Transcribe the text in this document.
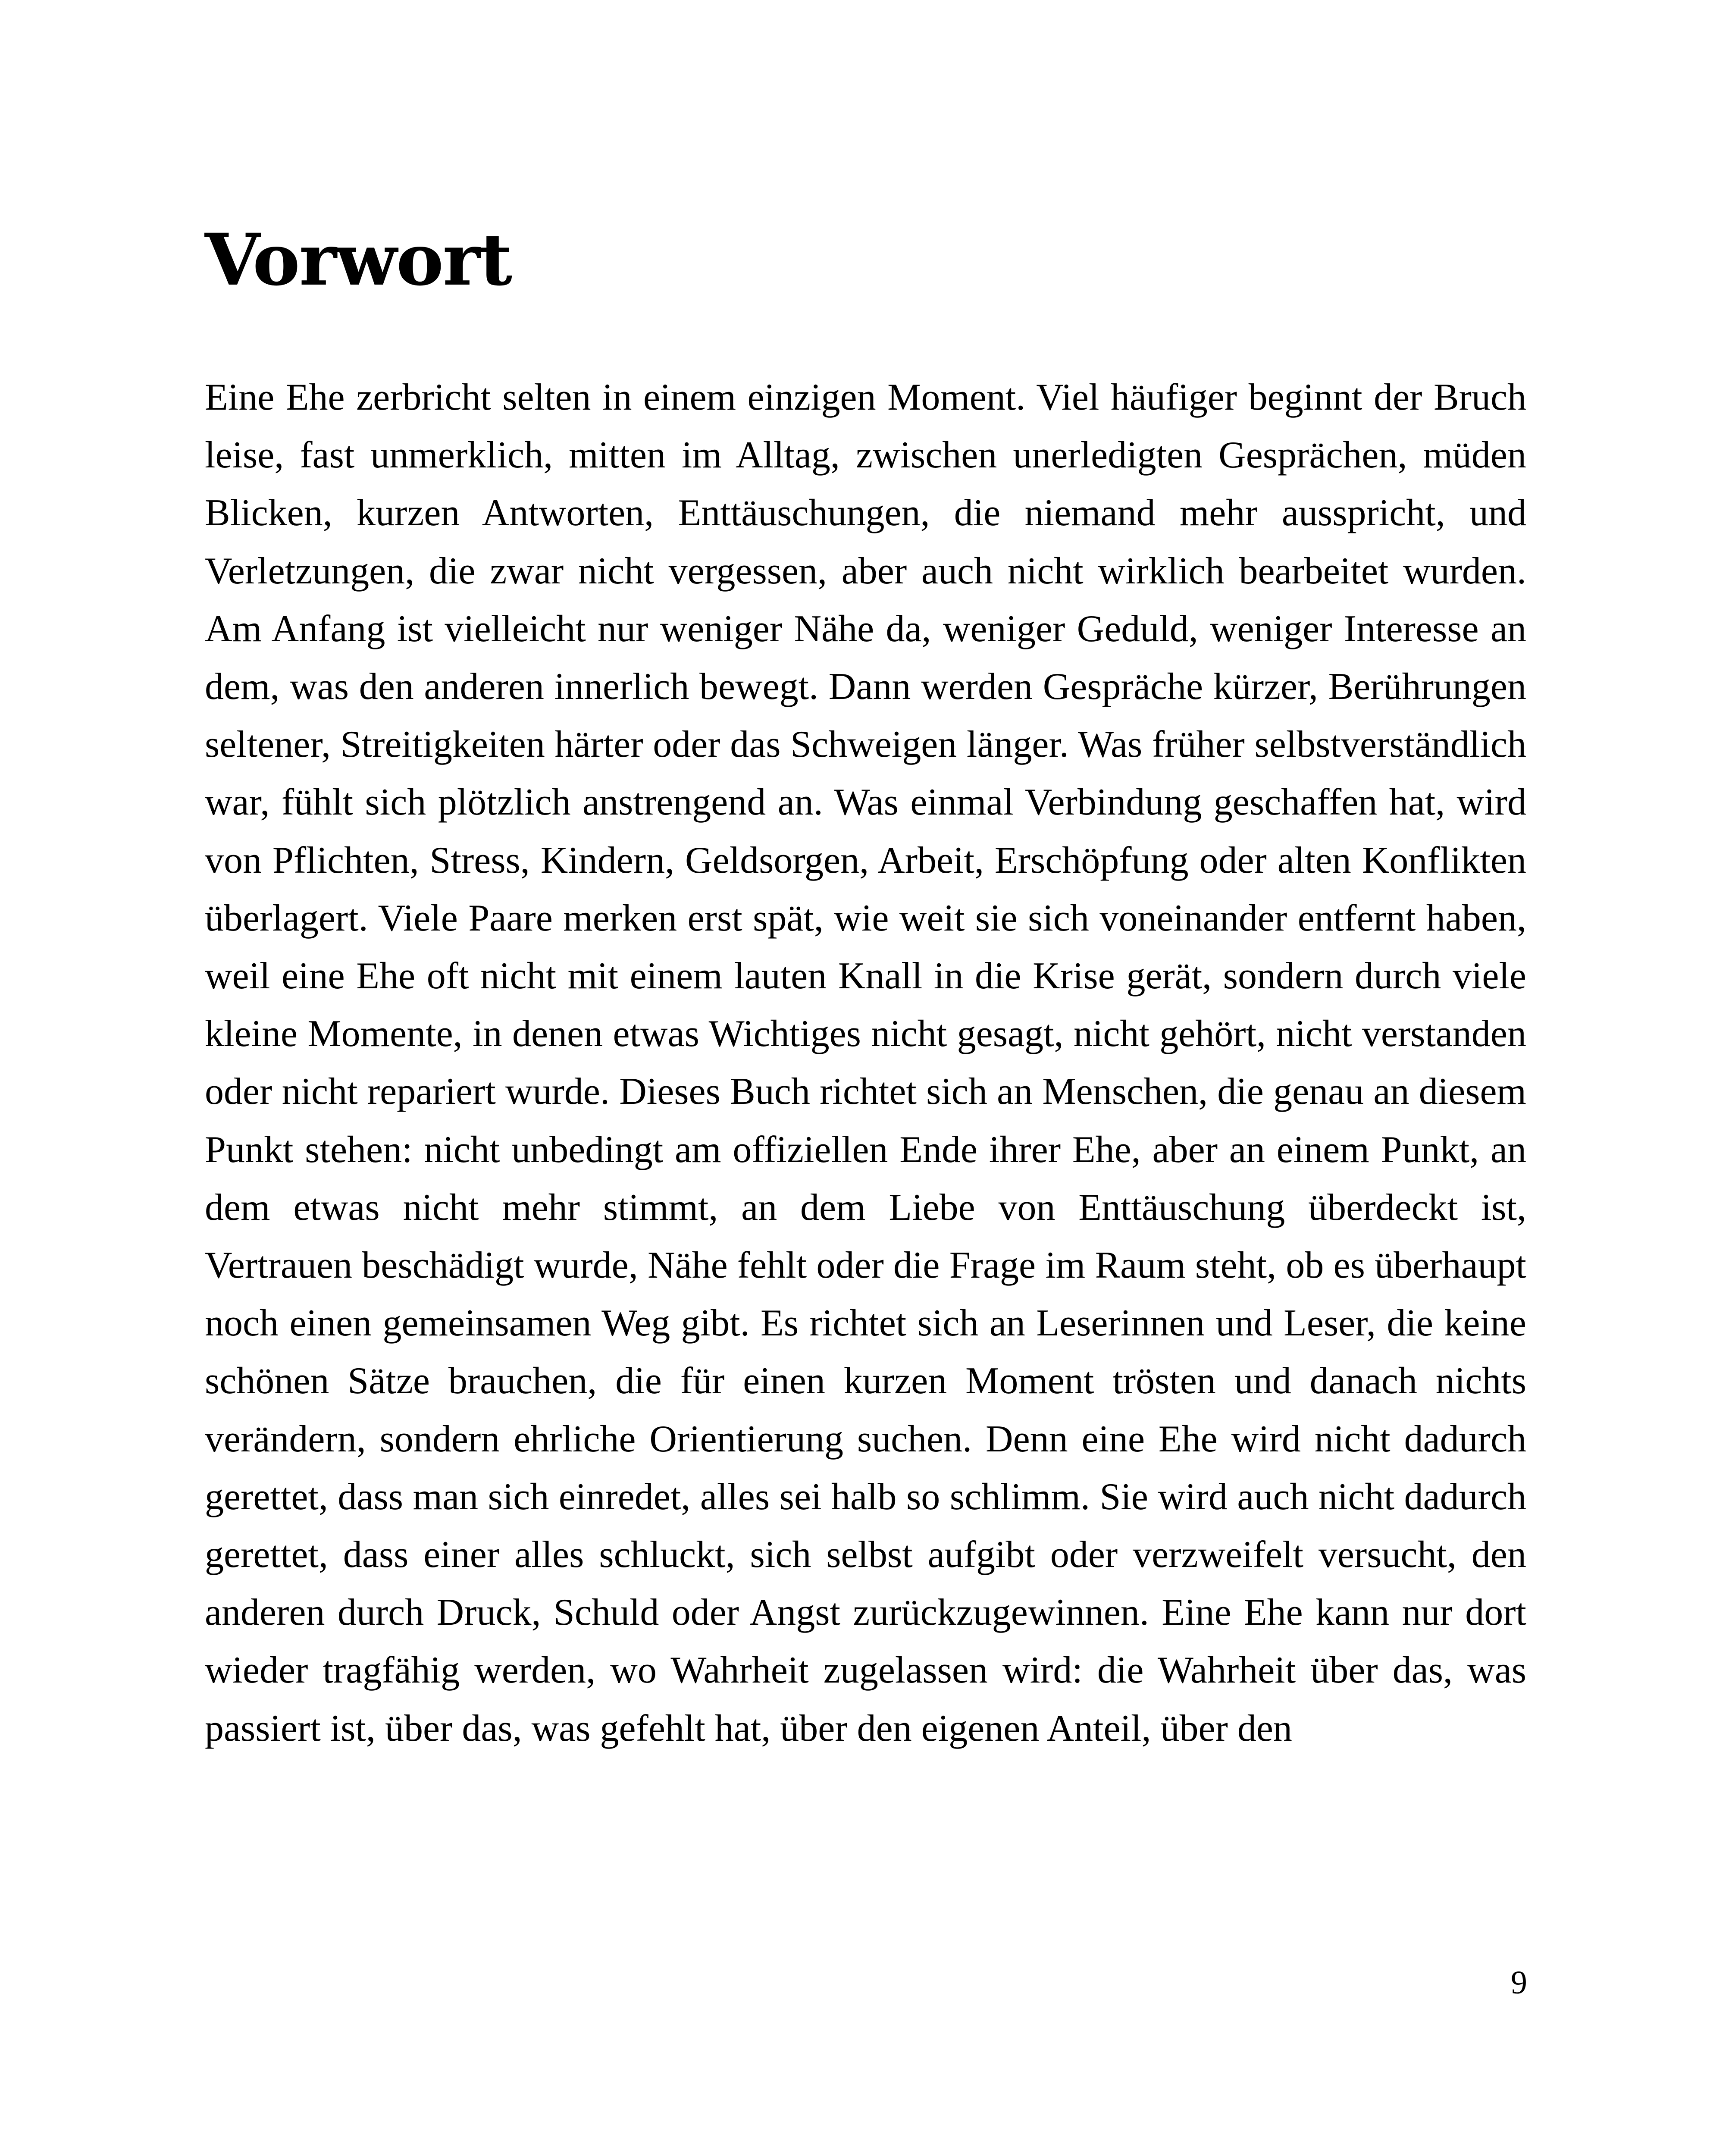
Vorwort

Eine Ehe zerbricht selten in einem einzigen Moment. Viel häufiger beginnt der Bruch leise, fast unmerklich, mitten im Alltag, zwischen unerledigten Gesprächen, müden Blicken, kurzen Antworten, Enttäuschungen, die niemand mehr ausspricht, und Verletzungen, die zwar nicht vergessen, aber auch nicht wirklich bearbeitet wurden. Am Anfang ist vielleicht nur weniger Nähe da, weniger Geduld, weniger Interesse an dem, was den anderen innerlich bewegt. Dann werden Gespräche kürzer, Berührungen seltener, Streitigkeiten härter oder das Schweigen länger. Was früher selbstverständlich war, fühlt sich plötzlich anstrengend an. Was einmal Verbindung geschaffen hat, wird von Pflichten, Stress, Kindern, Geldsorgen, Arbeit, Erschöpfung oder alten Konflikten überlagert. Viele Paare merken erst spät, wie weit sie sich voneinander entfernt haben, weil eine Ehe oft nicht mit einem lauten Knall in die Krise gerät, sondern durch viele kleine Momente, in denen etwas Wichtiges nicht gesagt, nicht gehört, nicht verstanden oder nicht repariert wurde. Dieses Buch richtet sich an Menschen, die genau an diesem Punkt stehen: nicht unbedingt am offiziellen Ende ihrer Ehe, aber an einem Punkt, an dem etwas nicht mehr stimmt, an dem Liebe von Enttäuschung überdeckt ist, Vertrauen beschädigt wurde, Nähe fehlt oder die Frage im Raum steht, ob es überhaupt noch einen gemeinsamen Weg gibt. Es richtet sich an Leserinnen und Leser, die keine schönen Sätze brauchen, die für einen kurzen Moment trösten und danach nichts verändern, sondern ehrliche Orientierung suchen. Denn eine Ehe wird nicht dadurch gerettet, dass man sich einredet, alles sei halb so schlimm. Sie wird auch nicht dadurch gerettet, dass einer alles schluckt, sich selbst aufgibt oder verzweifelt versucht, den anderen durch Druck, Schuld oder Angst zurückzugewinnen. Eine Ehe kann nur dort wieder tragfähig werden, wo Wahrheit zugelassen wird: die Wahrheit über das, was passiert ist, über das, was gefehlt hat, über den eigenen Anteil, über den

9
